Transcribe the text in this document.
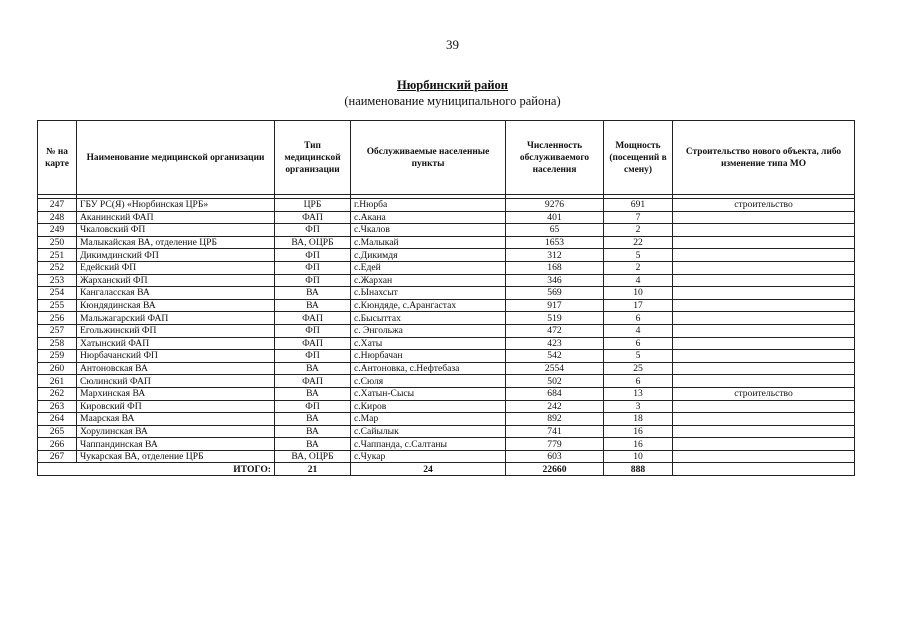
39
Нюрбинский район
(наименование муниципального района)
№ на карте	Наименование медицинской организации	Тип медицинской организации	Обслуживаемые населенные пункты	Численность обслуживаемого населения	Мощность (посещений в смену)	Строительство нового объекта, либо изменение типа МО

247	ГБУ РС(Я) «Нюрбинская ЦРБ»	ЦРБ	г.Нюрба	9276	691	строительство
248	Аканинский ФАП	ФАП	с.Акана	401	7	
249	Чкаловский ФП	ФП	с.Чкалов	65	2	
250	Малыкайская ВА, отделение ЦРБ	ВА, ОЦРБ	с.Малыкай	1653	22	
251	Дикимдинский ФП	ФП	с.Дикимдя	312	5	
252	Едейский ФП	ФП	с.Едей	168	2	
253	Жарханский ФП	ФП	с.Жархан	346	4	
254	Кангаласская ВА	ВА	с.Ынахсыт	569	10	
255	Кюндядинская ВА	ВА	с.Кюндяде, с.Арангастах	917	17	
256	Мальжагарский ФАП	ФАП	с.Бысыттах	519	6	
257	Егольжинский ФП	ФП	с. Энгольжа	472	4	
258	Хатынский ФАП	ФАП	с.Хаты	423	6	
259	Нюрбачанский ФП	ФП	с.Нюрбачан	542	5	
260	Антоновская ВА	ВА	с.Антоновка, с.Нефтебаза	2554	25	
261	Сюлинский ФАП	ФАП	с.Сюля	502	6	
262	Мархинская ВА	ВА	с.Хатын-Сысы	684	13	строительство
263	Кировский ФП	ФП	с.Киров	242	3	
264	Маарская ВА	ВА	с.Мар	892	18	
265	Хорулинская ВА	ВА	с.Сайылык	741	16	
266	Чаппандинская ВА	ВА	с.Чаппанда, с.Салтаны	779	16	
267	Чукарская ВА, отделение ЦРБ	ВА, ОЦРБ	с.Чукар	603	10	
ИТОГО:		21	24	22660	888	
